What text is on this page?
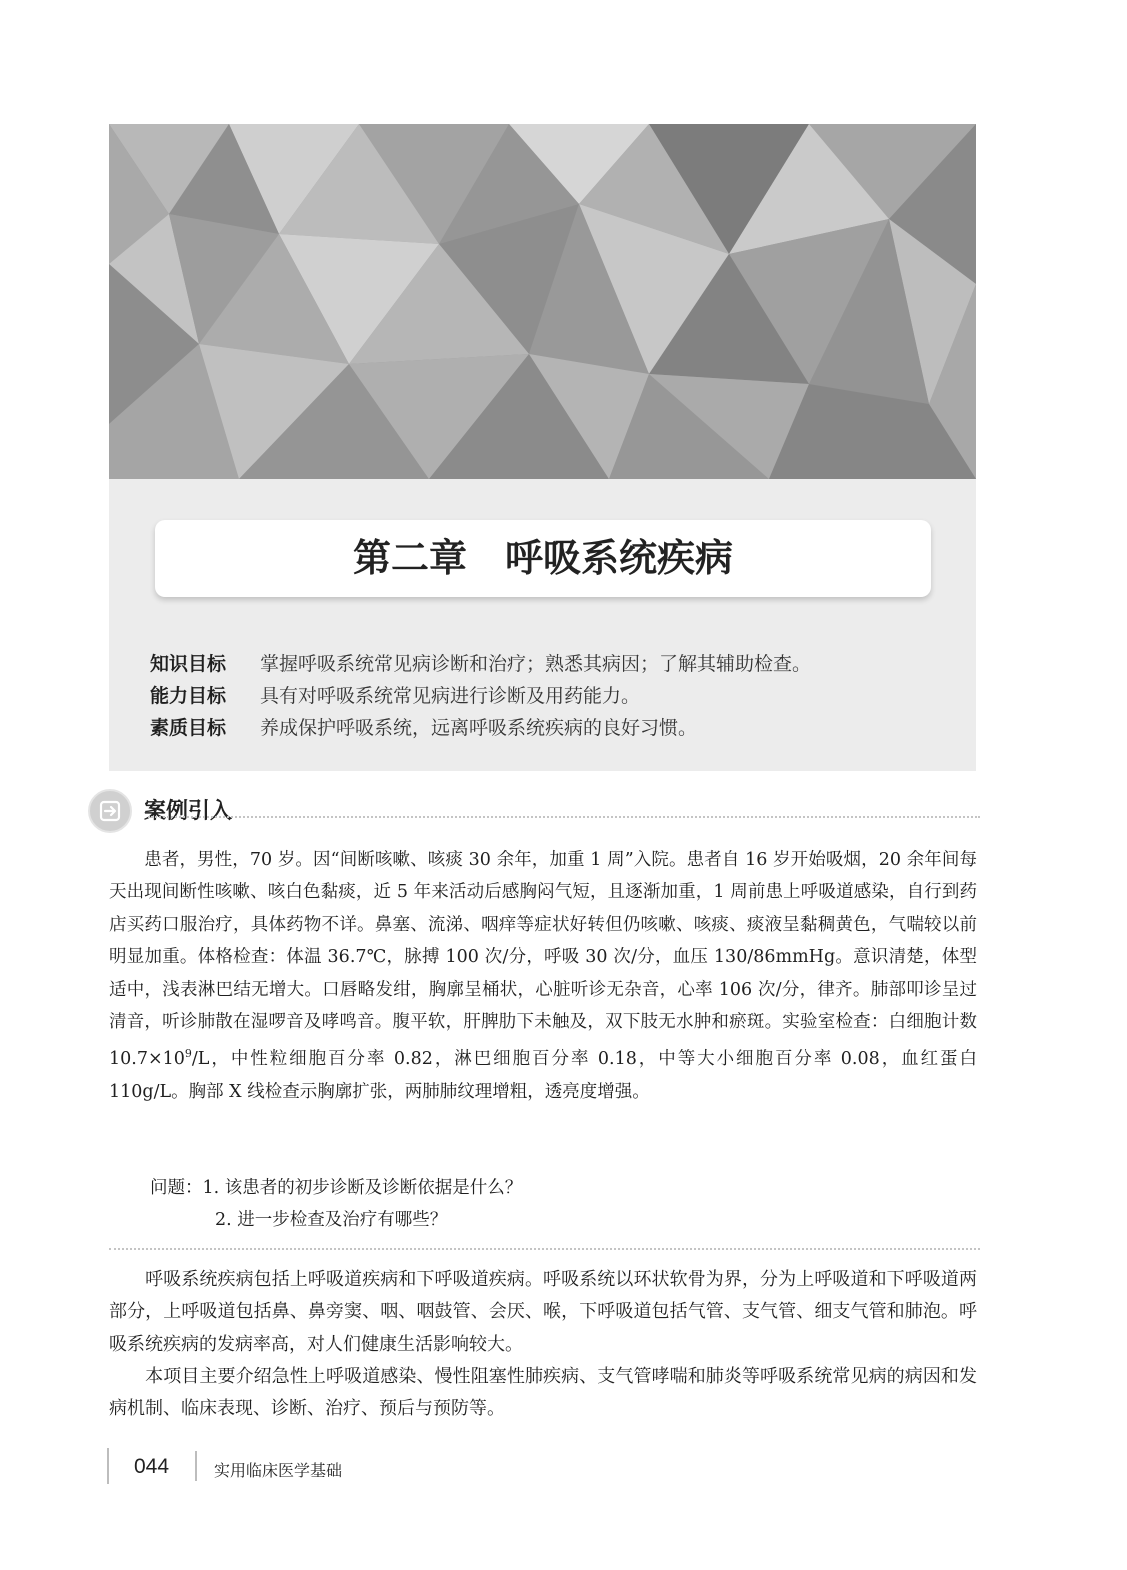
第二章　呼吸系统疾病
知识目标 掌握呼吸系统常见病诊断和治疗；熟悉其病因；了解其辅助检查。
能力目标 具有对呼吸系统常见病进行诊断及用药能力。
素质目标 养成保护呼吸系统，远离呼吸系统疾病的良好习惯。
案例引入

　　患者，男性，70 岁。因“间断咳嗽、咳痰 30 余年，加重 1 周”入院。患者自 16 岁开始吸烟，20 余年间每天出现间断性咳嗽、咳白色黏痰，近 5 年来活动后感胸闷气短，且逐渐加重，1 周前患上呼吸道感染，自行到药店买药口服治疗，具体药物不详。鼻塞、流涕、咽痒等症状好转但仍咳嗽、咳痰、痰液呈黏稠黄色，气喘较以前明显加重。体格检查：体温 36.7℃，脉搏 100 次/分，呼吸 30 次/分，血压 130/86mmHg。意识清楚，体型适中，浅表淋巴结无增大。口唇略发绀，胸廓呈桶状，心脏听诊无杂音，心率 106 次/分，律齐。肺部叩诊呈过清音，听诊肺散在湿啰音及哮鸣音。腹平软，肝脾肋下未触及，双下肢无水肿和瘀斑。实验室检查：白细胞计数 $10.7\times 10^9/L$，中性粒细胞百分率 0.82，淋巴细胞百分率 0.18，中等大小细胞百分率 0.08，血红蛋白 110g/L。胸部 X 线检查示胸廓扩张，两肺肺纹理增粗，透亮度增强。

问题：1. 该患者的初步诊断及诊断依据是什么？
2. 进一步检查及治疗有哪些？

　　呼吸系统疾病包括上呼吸道疾病和下呼吸道疾病。呼吸系统以环状软骨为界，分为上呼吸道和下呼吸道两部分，上呼吸道包括鼻、鼻旁窦、咽、咽鼓管、会厌、喉，下呼吸道包括气管、支气管、细支气管和肺泡。呼吸系统疾病的发病率高，对人们健康生活影响较大。

　　本项目主要介绍急性上呼吸道感染、慢性阻塞性肺疾病、支气管哮喘和肺炎等呼吸系统常见病的病因和发病机制、临床表现、诊断、治疗、预后与预防等。

044	实用临床医学基础
